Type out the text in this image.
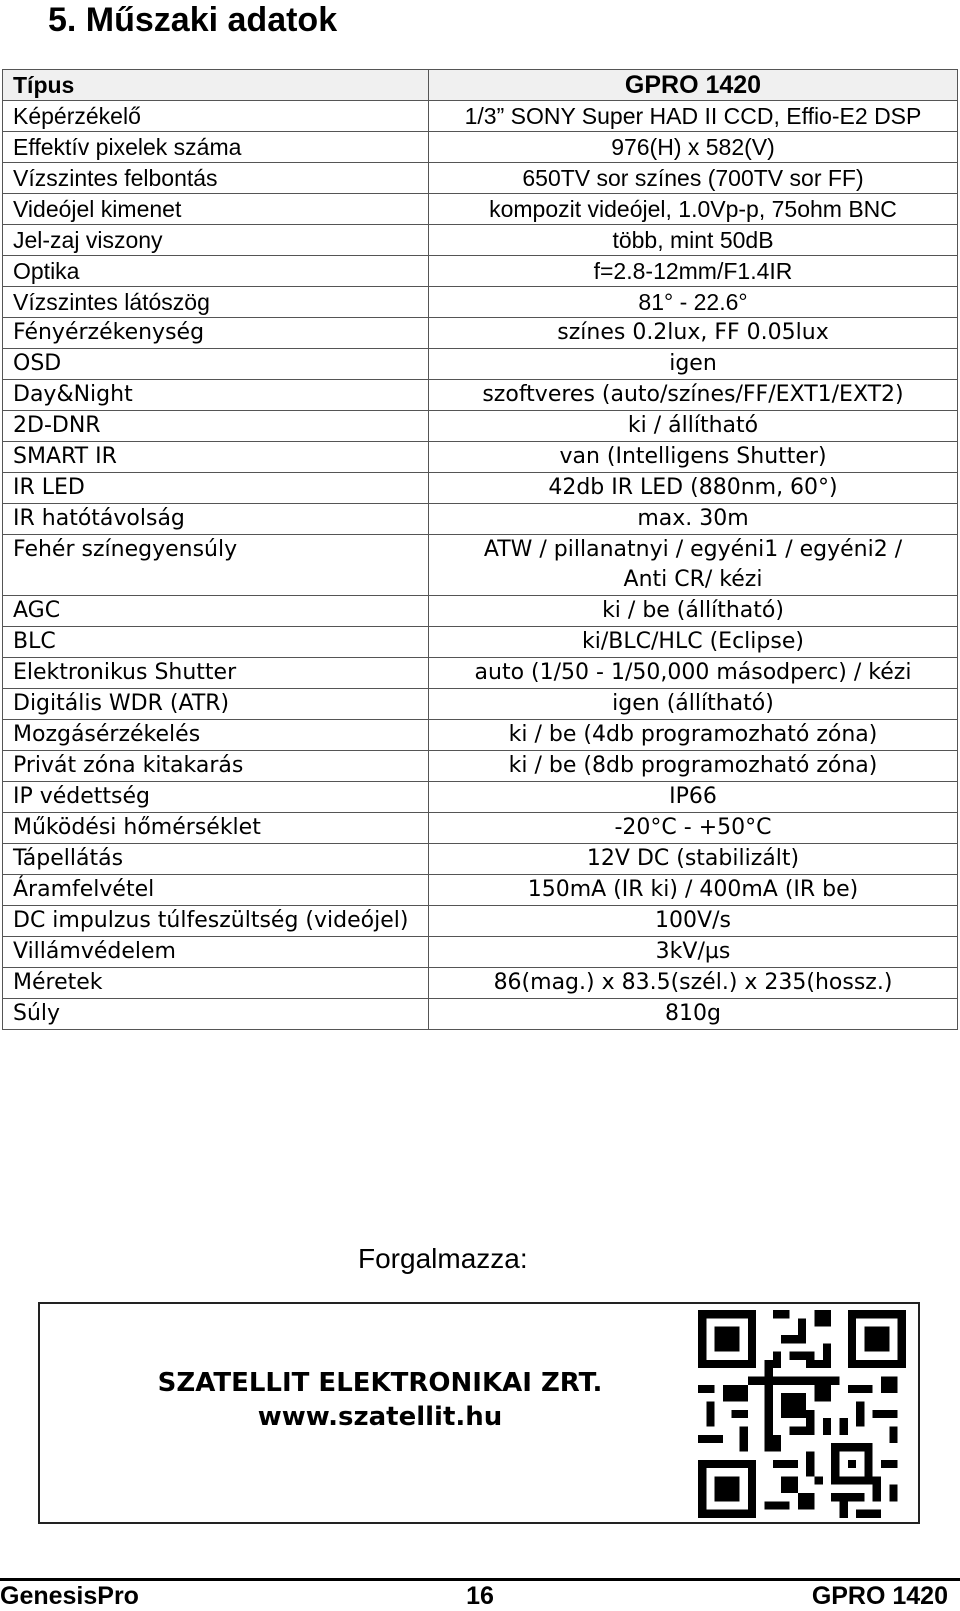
5. Műszaki adatok
Típus	GPRO 1420
Képérzékelő	1/3” SONY Super HAD II CCD, Effio-E2 DSP
Effektív pixelek száma	976(H) x 582(V)
Vízszintes felbontás	650TV sor színes (700TV sor FF)
Videójel kimenet	kompozit videójel, 1.0Vp-p, 75ohm BNC
Jel-zaj viszony	több, mint 50dB
Optika	f=2.8-12mm/F1.4IR
Vízszintes látószög	81° - 22.6°
Fényérzékenység	színes 0.2lux, FF 0.05lux
OSD	igen
Day&Night	szoftveres (auto/színes/FF/EXT1/EXT2)
2D-DNR	ki / állítható
SMART IR	van (Intelligens Shutter)
IR LED	42db IR LED (880nm, 60°)
IR hatótávolság	max. 30m
Fehér színegyensúly	ATW / pillanatnyi / egyéni1 / egyéni2 /
Anti CR/ kézi

AGC	ki / be (állítható)
BLC	ki/BLC/HLC (Eclipse)
Elektronikus Shutter	auto (1/50 - 1/50,000 másodperc) / kézi
Digitális WDR (ATR)	igen (állítható)
Mozgásérzékelés	ki / be (4db programozható zóna)
Privát zóna kitakarás	ki / be (8db programozható zóna)
IP védettség	IP66
Működési hőmérséklet	-20°C - +50°C
Tápellátás	12V DC (stabilizált)
Áramfelvétel	150mA (IR ki) / 400mA (IR be)
DC impulzus túlfeszültség (videójel)	100V/s
Villámvédelem	3kV/µs
Méretek	86(mag.) x 83.5(szél.) x 235(hossz.)
Súly	810g
Forgalmazza:
SZATELLIT ELEKTRONIKAI ZRT.
www.szatellit.hu
GenesisPro	16	GPRO 1420
